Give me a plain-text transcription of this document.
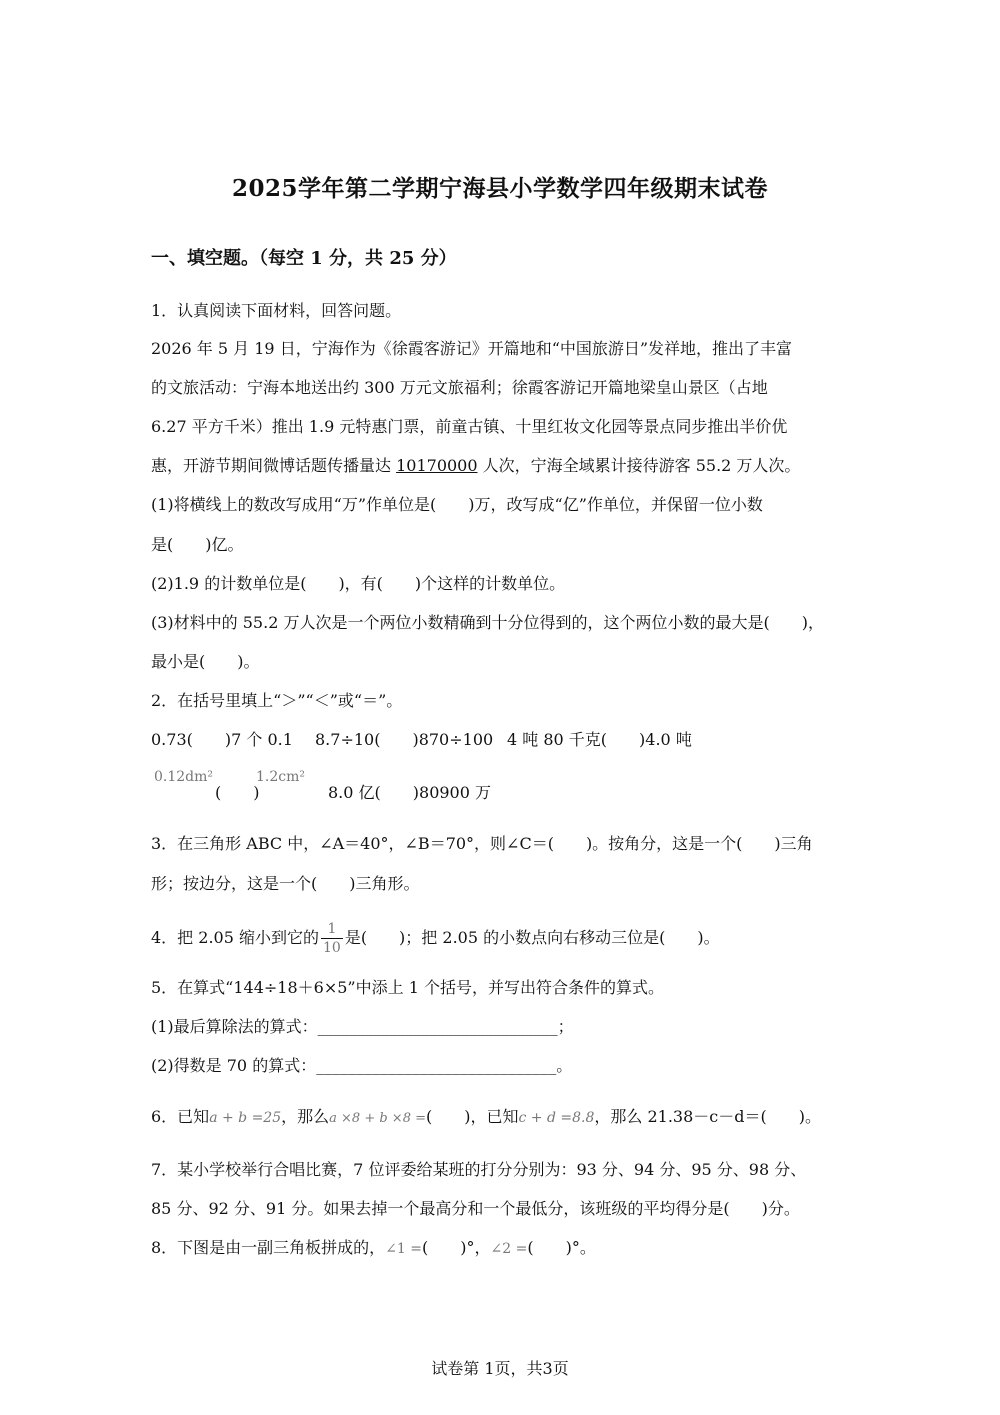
2025学年第二学期宁海县小学数学四年级期末试卷
一、填空题。（每空 1 分，共 25 分）
1．认真阅读下面材料，回答问题。
2026 年 5 月 19 日，宁海作为《徐霞客游记》开篇地和“中国旅游日”发祥地，推出了丰富
的文旅活动：宁海本地送出约 300 万元文旅福利；徐霞客游记开篇地梁皇山景区（占地
6.27 平方千米）推出 1.9 元特惠门票，前童古镇、十里红妆文化园等景点同步推出半价优
惠，开游节期间微博话题传播量达 10170000 人次，宁海全域累计接待游客 55.2 万人次。
(1)将横线上的数改写成用“万”作单位是(　　)万，改写成“亿”作单位，并保留一位小数
是(　　)亿。
(2)1.9 的计数单位是(　　)，有(　　)个这样的计数单位。
(3)材料中的 55.2 万人次是一个两位小数精确到十分位得到的，这个两位小数的最大是(　　)，
最小是(　　)。
2．在括号里填上“＞”“＜”或“＝”。
0.73(　　)7 个 0.1 8.7÷10(　　)870÷100 4 吨 80 千克(　　)4.0 吨
0.12dm²
(　　)
1.2cm²
8.0 亿(　　)80900 万
3．在三角形 ABC 中，∠A＝40°，∠B＝70°，则∠C＝(　　)。按角分，这是一个(　　)三角
形；按边分，这是一个(　　)三角形。
4．把 2.05 缩小到它的 $\frac{1}{10}$ 是(　　)；把 2.05 的小数点向右移动三位是(　　)。
5．在算式“144÷18＋6×5”中添上 1 个括号，并写出符合条件的算式。
(1)最后算除法的算式：______________________________；
(2)得数是 70 的算式：______________________________。
6．已知a + b =25，那么a ×8 + b ×8 =(　　)，已知c + d =8.8，那么 21.38－c－d＝(　　)。
7．某小学校举行合唱比赛，7 位评委给某班的打分分别为：93 分、94 分、95 分、98 分、
85 分、92 分、91 分。如果去掉一个最高分和一个最低分，该班级的平均得分是(　　)分。
8．下图是由一副三角板拼成的，∠1 =(　　)°，∠2 =(　　)°。
试卷第 1页，共3页
